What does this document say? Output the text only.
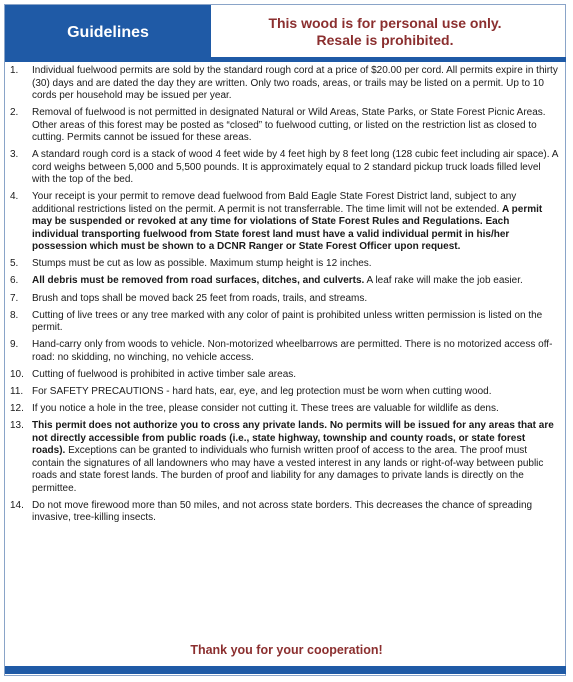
Guidelines
This wood is for personal use only.
Resale is prohibited.
1.	Individual fuelwood permits are sold by the standard rough cord at a price of $20.00 per cord. All permits expire in thirty (30) days and are dated the day they are written. Only two roads, areas, or trails may be listed on a permit. Up to 10 cords per household may be issued per year.
2.	Removal of fuelwood is not permitted in designated Natural or Wild Areas, State Parks, or State Forest Picnic Areas. Other areas of this forest may be posted as “closed” to fuelwood cutting, or listed on the restriction list as closed to cutting. Permits cannot be issued for these areas.
3.	A standard rough cord is a stack of wood 4 feet wide by 4 feet high by 8 feet long (128 cubic feet including air space). A cord weighs between 5,000 and 5,500 pounds. It is approximately equal to 2 standard pickup truck loads filled level with the top of the bed.
4.	Your receipt is your permit to remove dead fuelwood from Bald Eagle State Forest District land, subject to any additional restrictions listed on the permit. A permit is not transferrable. The time limit will not be extended. A permit may be suspended or revoked at any time for violations of State Forest Rules and Regulations. Each individual transporting fuelwood from State forest land must have a valid individual permit in his/her possession which must be shown to a DCNR Ranger or State Forest Officer upon request.
5.	Stumps must be cut as low as possible. Maximum stump height is 12 inches.
6.	All debris must be removed from road surfaces, ditches, and culverts. A leaf rake will make the job easier.
7.	Brush and tops shall be moved back 25 feet from roads, trails, and streams.
8.	Cutting of live trees or any tree marked with any color of paint is prohibited unless written permission is listed on the permit.
9.	Hand-carry only from woods to vehicle. Non-motorized wheelbarrows are permitted. There is no motorized access off-road: no skidding, no winching, no vehicle access.
10. Cutting of fuelwood is prohibited in active timber sale areas.
11. For SAFETY PRECAUTIONS - hard hats, ear, eye, and leg protection must be worn when cutting wood.
12. If you notice a hole in the tree, please consider not cutting it. These trees are valuable for wildlife as dens.
13. This permit does not authorize you to cross any private lands. No permits will be issued for any areas that are not directly accessible from public roads (i.e., state highway, township and county roads, or state forest roads). Exceptions can be granted to individuals who furnish written proof of access to the area. The proof must contain the signatures of all landowners who may have a vested interest in any lands or right-of-way between public roads and state forest lands. The burden of proof and liability for any damages to private lands is directly on the permittee.
14. Do not move firewood more than 50 miles, and not across state borders. This decreases the chance of spreading invasive, tree-killing insects.
Thank you for your cooperation!
